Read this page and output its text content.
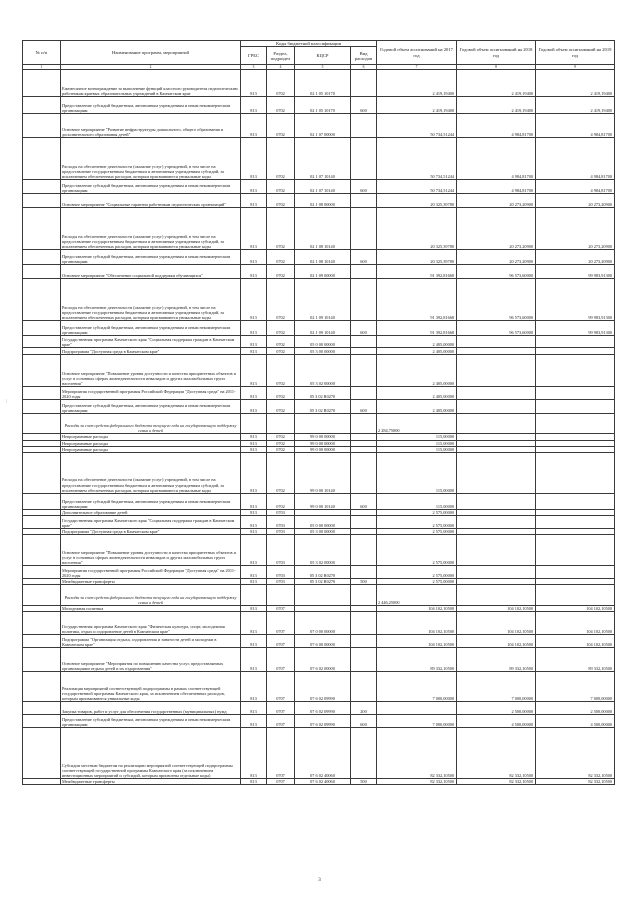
№ п/п	Наименование программ, мероприятий	Коды бюджетной классификации				Годовой объем ассигнований на 2017 год	Годовой объем ассигнований на 2018 год	Годовой объем ассигнований на 2019 год
		ГРБС	Раздел, подраздел	КЦСР	Вид расходов			
1	2	3	4	5	6	7	8	9
	Ежемесячное вознаграждение за выполнение функций классного руководителя педагогическим работникам краевых образовательных учреждений в Камчатском крае	813	0702	02 1 05 10170		2 419,19400	2 419,19400	2 419,19400
	Предоставление субсидий бюджетным, автономным учреждениям и иным некоммерческим организациям	813	0702	02 1 05 10170	600	2 419,19400	2 419,19400	2 419,19400
	Основное мероприятие "Развитие инфраструктуры дошкольного, общего образования и дополнительного образования детей"	813	0702	02 1 07 00000		50 734,51244	4 984,81700	4 984,81700
	Расходы на обеспечение деятельности (оказание услуг) учреждений, в том числе на предоставление государственным бюджетным и автономным учреждениям субсидий, за исключением обеспеченных расходов, которым присваиваются уникальные коды	813	0702	02 1 07 10140		50 734,51244	4 984,81700	4 984,81700
	Предоставление субсидий бюджетным, автономным учреждениям и иным некоммерческим организациям	813	0702	02 1 07 10140	600	50 734,51244	4 984,81700	4 984,81700
	Основное мероприятие "Социальные гарантии работникам педагогических организаций"	813	0702	02 1 08 00000		20 325,39780	20 273,20900	20 273,20900
	Расходы на обеспечение деятельности (оказание услуг) учреждений, в том числе на предоставление государственным бюджетным и автономным учреждениям субсидий, за исключением обеспеченных расходов, которым присваиваются уникальные коды	813	0702	02 1 08 10140		20 325,39780	20 273,20900	20 273,20900
	Предоставление субсидий бюджетным, автономным учреждениям и иным некоммерческим организациям	813	0702	02 1 08 10140	600	20 325,39780	20 273,20900	20 273,20900
	Основное мероприятие "Обеспечение социальной поддержки обучающихся"	813	0702	02 1 09 00000		91 392,81668	96 573,60000	99 983,91300
	Расходы на обеспечение деятельности (оказание услуг) учреждений, в том числе на предоставление государственным бюджетным и автономным учреждениям субсидий, за исключением обеспеченных расходов, которым присваиваются уникальные коды	813	0702	02 1 09 10140		91 392,81668	96 573,60000	99 983,91300
	Предоставление субсидий бюджетным, автономным учреждениям и иным некоммерческим организациям	813	0702	02 1 09 10140	600	91 392,81668	96 573,60000	99 983,91300
	Государственная программа Камчатского края "Социальная поддержка граждан в Камчатском крае"	813	0702	05 0 00 00000		2 405,00000		
	Подпрограмма "Доступная среда в Камчатском крае"	813	0702	05 3 00 00000		2 405,00000		
	Основное мероприятие "Повышение уровня доступности и качества приоритетных объектов и услуг в основных сферах жизнедеятельности инвалидов и других маломобильных групп населения"	813	0702	05 3 02 00000		2 405,00000		
	Мероприятия государственной программы Российской Федерации "Доступная среда" на 2011-2020 годы	813	0702	05 3 02 R0270		2 405,00000		
	Предоставление субсидий бюджетным, автономным учреждениям и иным некоммерческим организациям	813	0702	05 3 02 R0270	600	2 405,00000		
	Расходы за счет средств федерального бюджета текущего года на государственную поддержку семьи и детей					2 284,75000		
	Непрограммные расходы	813	0702	99 0 00 00000		115,00000		
	Непрограммные расходы	813	0702	99 0 00 00000		115,00000		
	Непрограммные расходы	813	0702	99 0 00 00000		115,00000		
	Расходы на обеспечение деятельности (оказание услуг) учреждений, в том числе на предоставление государственным бюджетным и автономным учреждениям субсидий, за исключением обеспеченных расходов, которым присваиваются уникальные коды	813	0702	99 0 00 10140		115,00000		
	Предоставление субсидий бюджетным, автономным учреждениям и иным некоммерческим организациям	813	0702	99 0 00 10140	600	115,00000		
	Дополнительное образование детей	813	0703			2 575,00000		
	Государственная программа Камчатского края "Социальная поддержка граждан в Камчатском крае"	813	0703	05 0 00 00000		2 575,00000		
	Подпрограмма "Доступная среда в Камчатском крае"	813	0703	05 3 00 00000		2 575,00000		
	Основное мероприятие "Повышение уровня доступности и качества приоритетных объектов и услуг в основных сферах жизнедеятельности инвалидов и других маломобильных групп населения"	813	0703	05 3 02 00000		2 575,00000		
	Мероприятия государственной программы Российской Федерации "Доступная среда" на 2011-2020 годы	813	0703	05 3 02 R0270		2 575,00000		
	Межбюджетные трансферты	813	0703	05 3 02 R0270	500	2 575,00000		
	Расходы за счет средств федерального бюджета текущего года на государственную поддержку семьи и детей					2 446,25000		
	Молодежная политика	813	0707			104 102,10500	104 102,10500	104 102,10500
	Государственная программа Камчатского края "Физическая культура, спорт, молодежная политика, отдых и оздоровление детей в Камчатском крае"	813	0707	07 0 00 00000		104 102,10500	104 102,10500	104 102,10500
	Подпрограмма "Организация отдыха, оздоровления и занятости детей и молодежи в Камчатском крае"	813	0707	07 6 00 00000		104 102,10500	104 102,10500	104 102,10500
	Основное мероприятие "Мероприятия по повышению качества услуг, предоставляемых организациями отдыха детей и их оздоровления"	813	0707	07 6 02 00000		89 332,10500	89 332,10500	89 332,10500
	Реализация мероприятий соответствующей подпрограммы в рамках соответствующей государственной программы Камчатского края, за исключением обеспеченных расходов, которым присваиваются уникальные коды	813	0707	07 6 02 09990		7 000,00000	7 000,00000	7 000,00000
	Закупка товаров, работ и услуг для обеспечения государственных (муниципальных) нужд	813	0707	07 6 02 09990	200		2 500,00000	2 500,00000
	Предоставление субсидий бюджетным, автономным учреждениям и иным некоммерческим организациям	813	0707	07 6 02 09990	600	7 000,00000	4 500,00000	4 500,00000
	Субсидии местным бюджетам на реализацию мероприятий соответствующей подпрограммы соответствующей государственной программы Камчатского края (за исключением инвестиционных мероприятий и субсидий, которым присвоены отдельные коды)	813	0707	07 6 02 40060		82 332,10500	82 332,10500	82 332,10500
	Межбюджетные трансферты	813	0707	07 6 02 40060	500	82 332,10500	82 332,10500	82 332,10500
⁞
3
